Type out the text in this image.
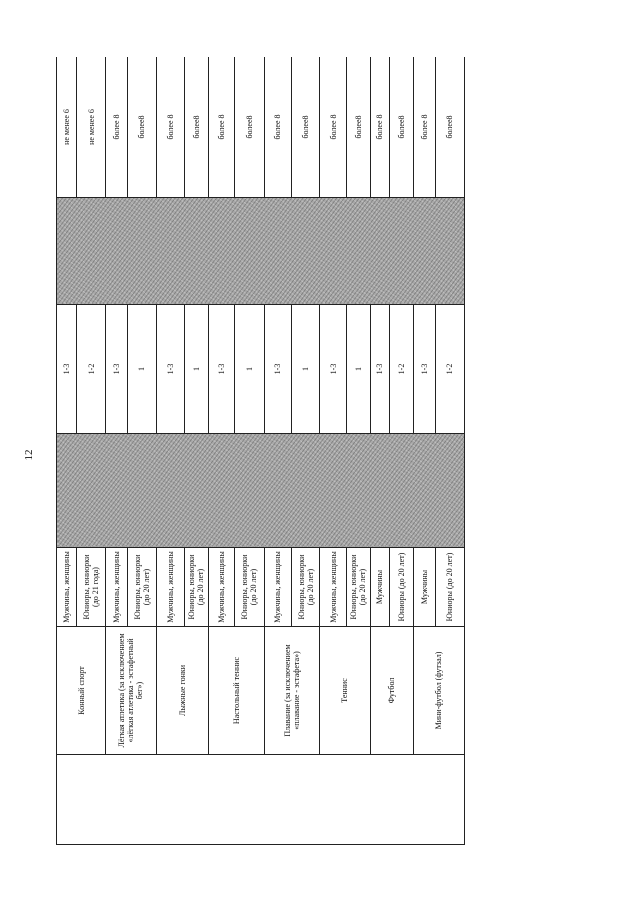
12
	Конный спорт	Мужчины, женщины		1-3		не менее 6
		Юниоры, юниорки (до 21 года)		1-2		не менее 6
	Лёгкая атлетика (за исключением «лёгкая атлетика - эстафетный бег»)	Мужчины, женщины		1-3		более 8
		Юниоры, юниорки (до 20 лет)		1		более8
	Лыжные гонки	Мужчины, женщины		1-3		более 8
		Юниоры, юниорки (до 20 лет)		1		более8
	Настольный теннис	Мужчины, женщины		1-3		более 8
		Юниоры, юниорки (до 20 лет)		1		более8
	Плавание (за исключением «плавание - эстафета»)	Мужчины, женщины		1-3		более 8
		Юниоры, юниорки (до 20 лет)		1		более8
	Теннис	Мужчины, женщины		1-3		более 8
		Юниоры, юниорки (до 20 лет)		1		более8
	Футбол	Мужчины		1-3		более 8
		Юниоры (до 20 лет)		1-2		более8
	Мини-футбол (футзал)	Мужчины		1-3		более 8
		Юниоры (до 20 лет)		1-2		более8
